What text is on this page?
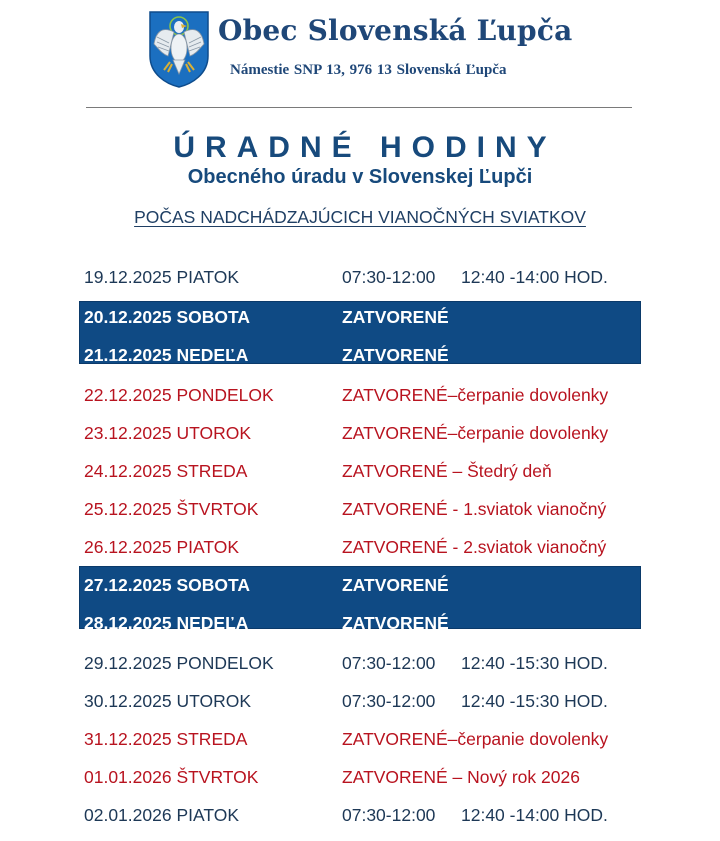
Obec Slovenská Ľupča
Námestie SNP 13, 976 13 Slovenská Ľupča
ÚRADNÉ HODINY
Obecného úradu v Slovenskej Ľupči
POČAS NADCHÁDZAJÚCICH VIANOČNÝCH SVIATKOV
19.12.2025 PIATOK	07:30-12:00 12:40 -14:00 HOD.
20.12.2025 SOBOTA	ZATVORENÉ
21.12.2025 NEDEĽA	ZATVORENÉ
22.12.2025 PONDELOK	ZATVORENÉ–čerpanie dovolenky
23.12.2025 UTOROK	ZATVORENÉ–čerpanie dovolenky
24.12.2025 STREDA	ZATVORENÉ – Štedrý deň
25.12.2025 ŠTVRTOK	ZATVORENÉ - 1.sviatok vianočný
26.12.2025 PIATOK	ZATVORENÉ - 2.sviatok vianočný
27.12.2025 SOBOTA	ZATVORENÉ
28.12.2025 NEDEĽA	ZATVORENÉ
29.12.2025 PONDELOK	07:30-12:00 12:40 -15:30 HOD.
30.12.2025 UTOROK	07:30-12:00 12:40 -15:30 HOD.
31.12.2025 STREDA	ZATVORENÉ–čerpanie dovolenky
01.01.2026 ŠTVRTOK	ZATVORENÉ – Nový rok 2026
02.01.2026 PIATOK	07:30-12:00 12:40 -14:00 HOD.
